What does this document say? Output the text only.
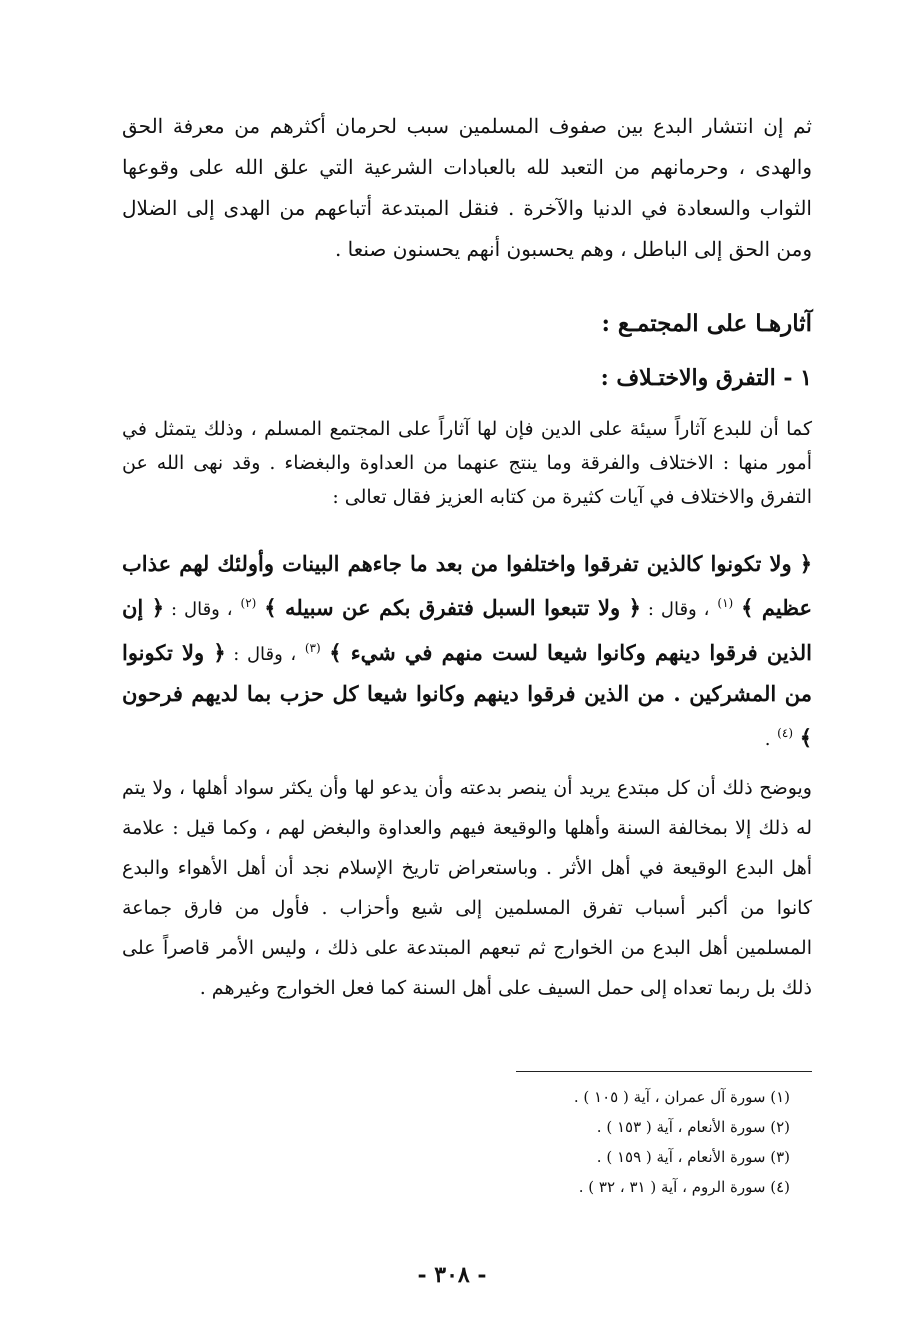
ثم إن انتشار البدع بين صفوف المسلمين سبب لحرمان أكثرهم من معرفة الحق والهدى ، وحرمانهم من التعبد لله بالعبادات الشرعية التي علق الله على وقوعها الثواب والسعادة في الدنيا والآخرة . فنقل المبتدعة أتباعهم من الهدى إلى الضلال ومن الحق إلى الباطل ، وهم يحسبون أنهم يحسنون صنعا .
آثارهـا على المجتمـع :
١ - التفرق والاختـلاف :
كما أن للبدع آثاراً سيئة على الدين فإن لها آثاراً على المجتمع المسلم ، وذلك يتمثل في أمور منها : الاختلاف والفرقة وما ينتج عنهما من العداوة والبغضاء . وقد نهى الله عن التفرق والاختلاف في آيات كثيرة من كتابه العزيز فقال تعالى :
﴿ ولا تكونوا كالذين تفرقوا واختلفوا من بعد ما جاءهم البينات وأولئك لهم عذاب عظيم ﴾ $^{(١)}$ ، وقال : ﴿ ولا تتبعوا السبل فتفرق بكم عن سبيله ﴾ $^{(٢)}$ ، وقال : ﴿ إن الذين فرقوا دينهم وكانوا شيعا لست منهم في شيء ﴾ $^{(٣)}$ ، وقال : ﴿ ولا تكونوا من المشركين . من الذين فرقوا دينهم وكانوا شيعا كل حزب بما لديهم فرحون ﴾ $^{(٤)}$ .
ويوضح ذلك أن كل مبتدع يريد أن ينصر بدعته وأن يدعو لها وأن يكثر سواد أهلها ، ولا يتم له ذلك إلا بمخالفة السنة وأهلها والوقيعة فيهم والعداوة والبغض لهم ، وكما قيل : علامة أهل البدع الوقيعة في أهل الأثر . وباستعراض تاريخ الإسلام نجد أن أهل الأهواء والبدع كانوا من أكبر أسباب تفرق المسلمين إلى شيع وأحزاب . فأول من فارق جماعة المسلمين أهل البدع من الخوارج ثم تبعهم المبتدعة على ذلك ، وليس الأمر قاصراً على ذلك بل ربما تعداه إلى حمل السيف على أهل السنة كما فعل الخوارج وغيرهم .
(١) سورة آل عمران ، آية ( ١٠٥ ) .
(٢) سورة الأنعام ، آية ( ١٥٣ ) .
(٣) سورة الأنعام ، آية ( ١٥٩ ) .
(٤) سورة الروم ، آية ( ٣١ ، ٣٢ ) .
- ٣٠٨ -
